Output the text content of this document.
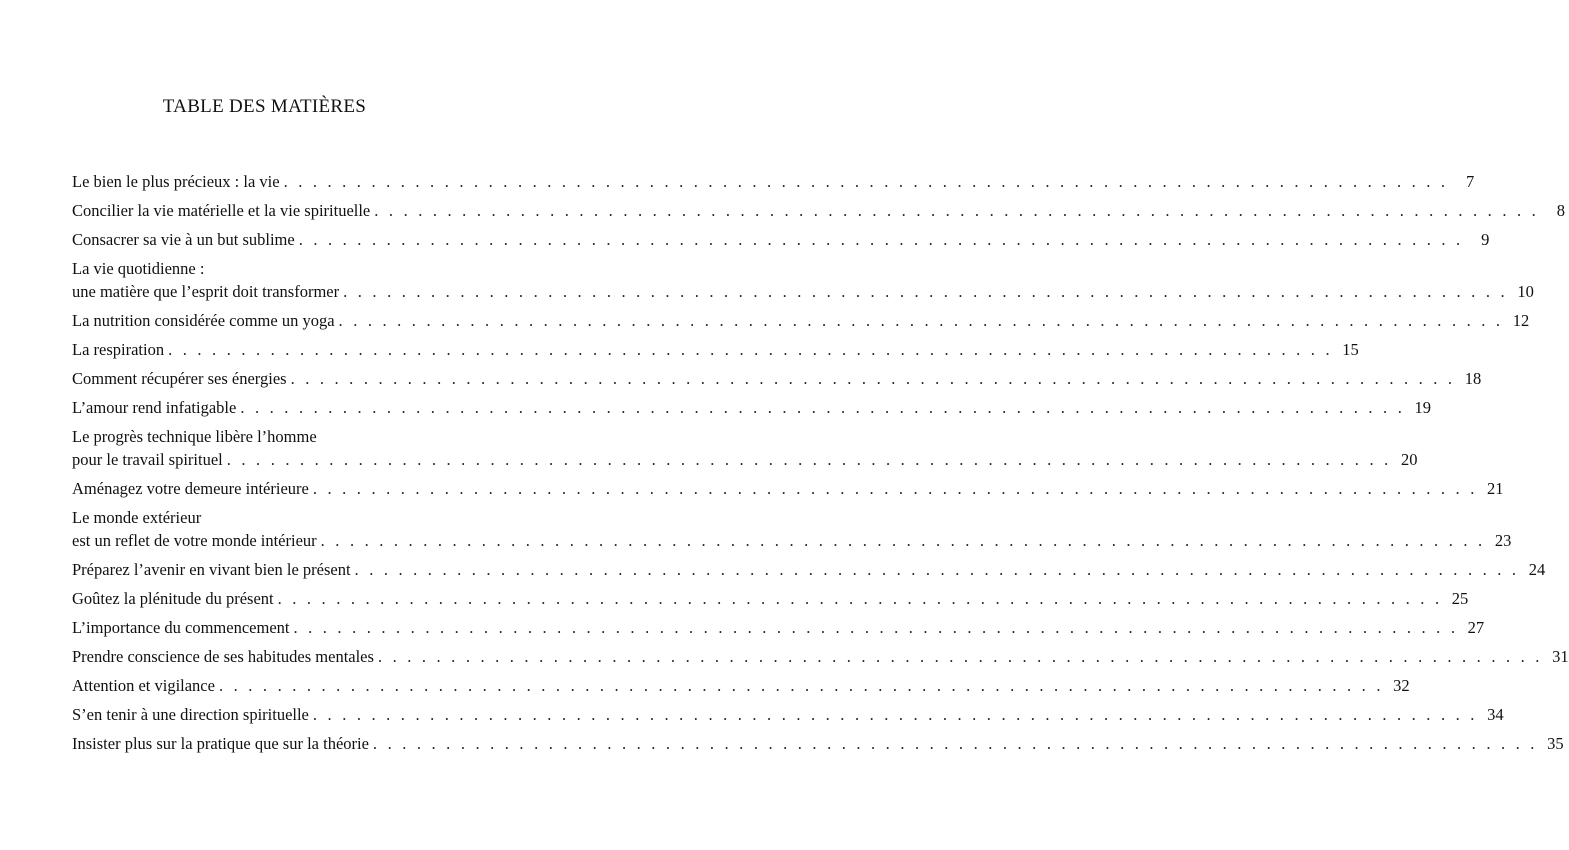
TABLE DES MATIÈRES
Le bien le plus précieux : la vie . . . . . . . . . . . . . . . . . . . . . . . . . . . . . . . . . . . . . . . . . . . . . . . . . . . . . . . . . . . . . . . . . . . . . . . . . . . . . . . .	7
Concilier la vie matérielle et la vie spirituelle . . . . . . . . . . . . . . . . . . . . . . . . . . . . . . . . . . . . . . . . . . . . . . . . . . . . . . . . . . . . . . . . . . . . . . . . . . . . . . . .	8
Consacrer sa vie à un but sublime . . . . . . . . . . . . . . . . . . . . . . . . . . . . . . . . . . . . . . . . . . . . . . . . . . . . . . . . . . . . . . . . . . . . . . . . . . . . . . . .	9
La vie quotidienne :
une matière que l’esprit doit transformer . . . . . . . . . . . . . . . . . . . . . . . . . . . . . . . . . . . . . . . . . . . . . . . . . . . . . . . . . . . . . . . . . . . . . . . . . . . . . . . . 10
La nutrition considérée comme un yoga . . . . . . . . . . . . . . . . . . . . . . . . . . . . . . . . . . . . . . . . . . . . . . . . . . . . . . . . . . . . . . . . . . . . . . . . . . . . . . . . 12
La respiration . . . . . . . . . . . . . . . . . . . . . . . . . . . . . . . . . . . . . . . . . . . . . . . . . . . . . . . . . . . . . . . . . . . . . . . . . . . . . . . . 15
Comment récupérer ses énergies . . . . . . . . . . . . . . . . . . . . . . . . . . . . . . . . . . . . . . . . . . . . . . . . . . . . . . . . . . . . . . . . . . . . . . . . . . . . . . . . 18
L’amour rend infatigable . . . . . . . . . . . . . . . . . . . . . . . . . . . . . . . . . . . . . . . . . . . . . . . . . . . . . . . . . . . . . . . . . . . . . . . . . . . . . . . . 19
Le progrès technique libère l’homme
pour le travail spirituel . . . . . . . . . . . . . . . . . . . . . . . . . . . . . . . . . . . . . . . . . . . . . . . . . . . . . . . . . . . . . . . . . . . . . . . . . . . . . . . . 20
Aménagez votre demeure intérieure . . . . . . . . . . . . . . . . . . . . . . . . . . . . . . . . . . . . . . . . . . . . . . . . . . . . . . . . . . . . . . . . . . . . . . . . . . . . . . . . 21
Le monde extérieur
est un reflet de votre monde intérieur . . . . . . . . . . . . . . . . . . . . . . . . . . . . . . . . . . . . . . . . . . . . . . . . . . . . . . . . . . . . . . . . . . . . . . . . . . . . . . . . 23
Préparez l’avenir en vivant bien le présent . . . . . . . . . . . . . . . . . . . . . . . . . . . . . . . . . . . . . . . . . . . . . . . . . . . . . . . . . . . . . . . . . . . . . . . . . . . . . . . . 24
Goûtez la plénitude du présent . . . . . . . . . . . . . . . . . . . . . . . . . . . . . . . . . . . . . . . . . . . . . . . . . . . . . . . . . . . . . . . . . . . . . . . . . . . . . . . . 25
L’importance du commencement . . . . . . . . . . . . . . . . . . . . . . . . . . . . . . . . . . . . . . . . . . . . . . . . . . . . . . . . . . . . . . . . . . . . . . . . . . . . . . . . 27
Prendre conscience de ses habitudes mentales . . . . . . . . . . . . . . . . . . . . . . . . . . . . . . . . . . . . . . . . . . . . . . . . . . . . . . . . . . . . . . . . . . . . . . . . . . . . . . . . 31
Attention et vigilance . . . . . . . . . . . . . . . . . . . . . . . . . . . . . . . . . . . . . . . . . . . . . . . . . . . . . . . . . . . . . . . . . . . . . . . . . . . . . . . . 32
S’en tenir à une direction spirituelle . . . . . . . . . . . . . . . . . . . . . . . . . . . . . . . . . . . . . . . . . . . . . . . . . . . . . . . . . . . . . . . . . . . . . . . . . . . . . . . . 34
Insister plus sur la pratique que sur la théorie . . . . . . . . . . . . . . . . . . . . . . . . . . . . . . . . . . . . . . . . . . . . . . . . . . . . . . . . . . . . . . . . . . . . . . . . . . . . . . . . 35
